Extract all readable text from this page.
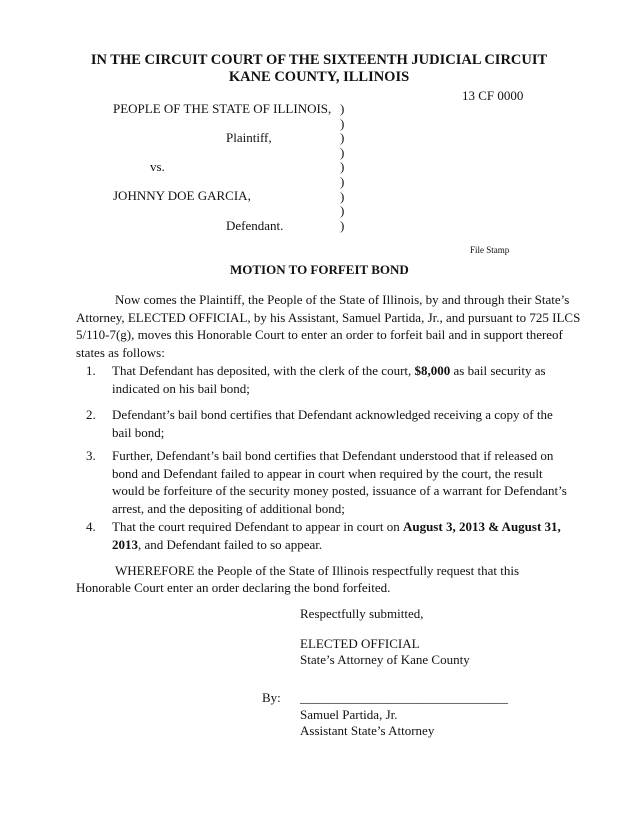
IN THE CIRCUIT COURT OF THE SIXTEENTH JUDICIAL CIRCUIT
KANE COUNTY, ILLINOIS
13 CF 0000
PEOPLE OF THE STATE OF ILLINOIS,
Plaintiff,
vs.
JOHNNY DOE GARCIA,
Defendant.
)
)
)
)
)
)
)
)
)
File Stamp
MOTION TO FORFEIT BOND
Now comes the Plaintiff, the People of the State of Illinois, by and through their State’s
Attorney, ELECTED OFFICIAL, by his Assistant, Samuel Partida, Jr., and pursuant to 725 ILCS
5/110-7(g), moves this Honorable Court to enter an order to forfeit bail and in support thereof
states as follows:
1. That Defendant has deposited, with the clerk of the court, $8,000 as bail security as indicated on his bail bond;
2. Defendant’s bail bond certifies that Defendant acknowledged receiving a copy of the bail bond;
3. Further, Defendant’s bail bond certifies that Defendant understood that if released on bond and Defendant failed to appear in court when required by the court, the result would be forfeiture of the security money posted, issuance of a warrant for Defendant’s arrest, and the depositing of additional bond;
4. That the court required Defendant to appear in court on August 3, 2013 & August 31, 2013, and Defendant failed to so appear.
WHEREFORE the People of the State of Illinois respectfully request that this
Honorable Court enter an order declaring the bond forfeited.
Respectfully submitted,
ELECTED OFFICIAL
State’s Attorney of Kane County
By: ________________________________
Samuel Partida, Jr.
Assistant State’s Attorney
